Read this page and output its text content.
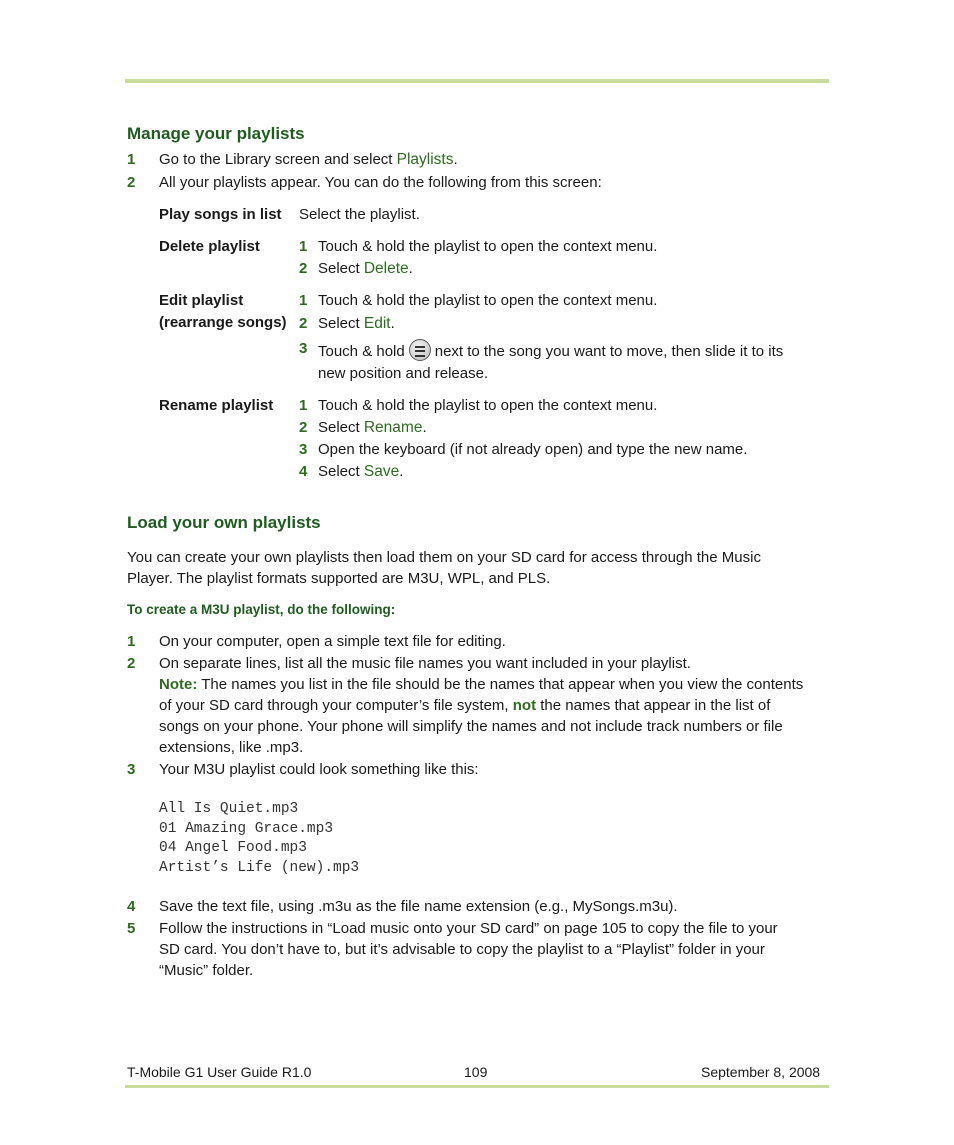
Manage your playlists
1 Go to the Library screen and select Playlists.
2 All your playlists appear. You can do the following from this screen:
Play songs in list Select the playlist.
Delete playlist	1 Touch & hold the playlist to open the context menu.
2 Select Delete.
Edit playlist
(rearrange songs)
1 Touch & hold the playlist to open the context menu.
2 Select Edit.
3 Touch & hold next to the song you want to move, then slide it to its
new position and release.
Rename playlist 1 Touch & hold the playlist to open the context menu.
2 Select Rename.
3 Open the keyboard (if not already open) and type the new name.
4 Select Save.
Load your own playlists
You can create your own playlists then load them on your SD card for access through the Music
Player. The playlist formats supported are M3U, WPL, and PLS.
To create a M3U playlist, do the following:
1 On your computer, open a simple text file for editing.
2 On separate lines, list all the music file names you want included in your playlist.
Note: The names you list in the file should be the names that appear when you view the contents
of your SD card through your computer’s file system, not the names that appear in the list of
songs on your phone. Your phone will simplify the names and not include track numbers or file
extensions, like .mp3.
3 Your M3U playlist could look something like this:
All Is Quiet.mp3
01 Amazing Grace.mp3
04 Angel Food.mp3
Artist’s Life (new).mp3
4 Save the text file, using .m3u as the file name extension (e.g., MySongs.m3u).
5 Follow the instructions in “Load music onto your SD card” on page 105 to copy the file to your
SD card. You don’t have to, but it’s advisable to copy the playlist to a “Playlist” folder in your
“Music” folder.
T-Mobile G1 User Guide R1.0	109	September 8, 2008
